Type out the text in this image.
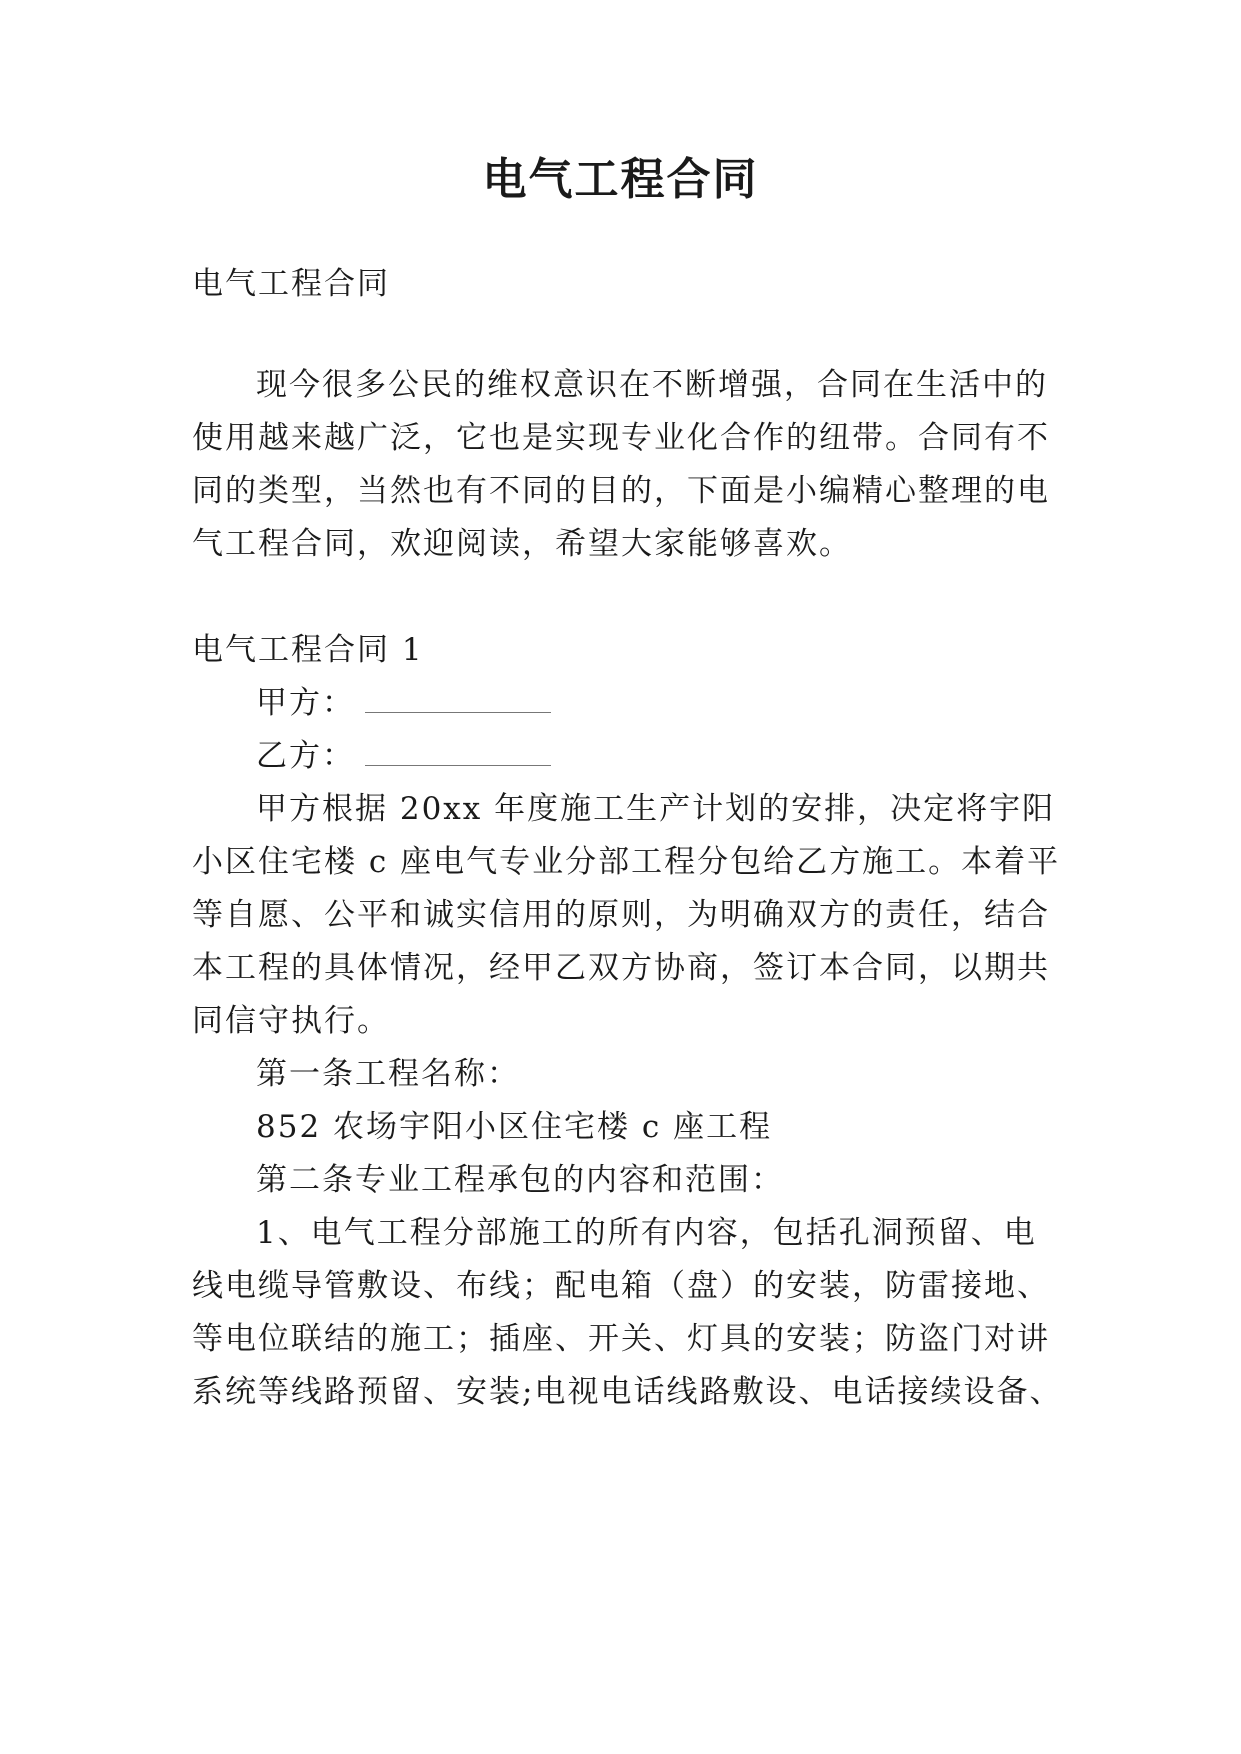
电气工程合同
电气工程合同
现今很多公民的维权意识在不断增强，合同在生活中的
使用越来越广泛，它也是实现专业化合作的纽带。合同有不
同的类型，当然也有不同的目的，下面是小编精心整理的电
气工程合同，欢迎阅读，希望大家能够喜欢。
电气工程合同 1
甲方：
乙方：
甲方根据 20xx 年度施工生产计划的安排，决定将宇阳
小区住宅楼 c 座电气专业分部工程分包给乙方施工。本着平
等自愿、公平和诚实信用的原则，为明确双方的责任，结合
本工程的具体情况，经甲乙双方协商，签订本合同，以期共
同信守执行。
第一条工程名称：
852 农场宇阳小区住宅楼 c 座工程
第二条专业工程承包的内容和范围：
1、电气工程分部施工的所有内容，包括孔洞预留、电
线电缆导管敷设、布线；配电箱（盘）的安装，防雷接地、
等电位联结的施工；插座、开关、灯具的安装；防盗门对讲
系统等线路预留、安装;电视电话线路敷设、电话接续设备、
